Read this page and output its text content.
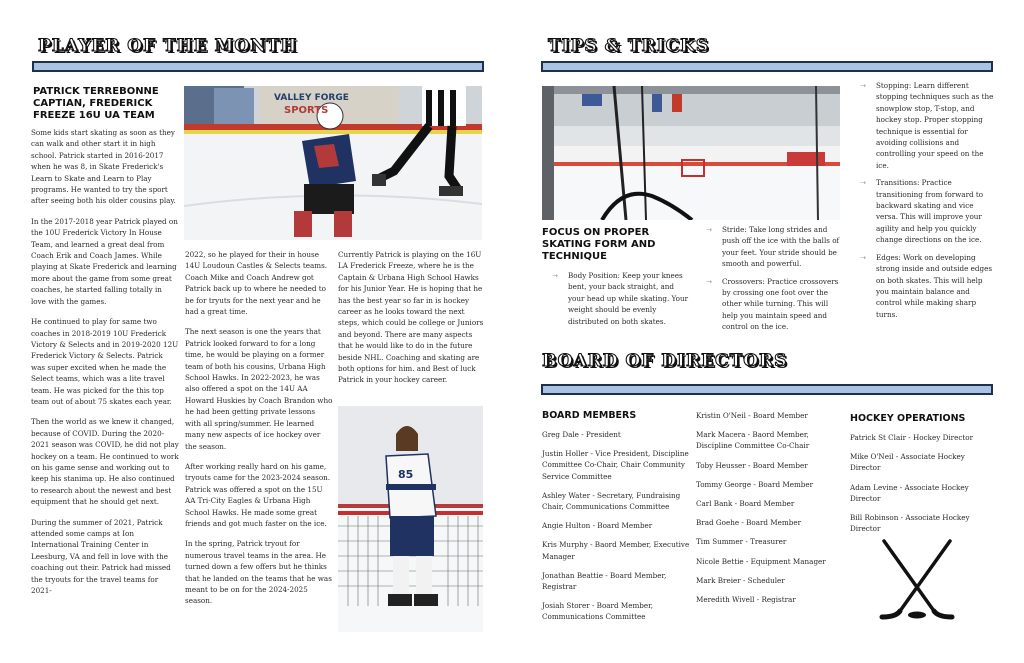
PLAYER OF THE MONTH
PATRICK TERREBONNE
CAPTIAN, FREDERICK
FREEZE 16U UA TEAM

Some kids start skating as soon as they can walk and other start it in high school. Patrick started in 2016-2017 when he was 8, in Skate Frederick's Learn to Skate and Learn to Play programs. He wanted to try the sport after seeing both his older cousins play.

In the 2017-2018 year Patrick played on the 10U Frederick Victory In House Team, and learned a great deal from Coach Erik and Coach James. While playing at Skate Frederick and learning more about the game from some great coaches, he started falling totally in love with the games.

He continued to play for same two coaches in 2018-2019 10U Frederick Victory & Selects and in 2019-2020 12U Frederick Victory & Selects. Patrick was super excited when he made the Select teams, which was a lite travel team. He was picked for the this top team out of about 75 skates each year.

Then the world as we knew it changed, because of COVID. During the 2020-2021 season was COVID, he did not play hockey on a team. He continued to work on his game sense and working out to keep his stanima up. He also continued to research about the newest and best equipment that he should get next.

During the summer of 2021, Patrick attended some camps at Ion International Training Center in Leesburg, VA and fell in love with the coaching out their. Patrick had missed the tryouts for the travel teams for 2021-

VALLEY FORGE
SPORTS

2022, so he played for their in house 14U Loudoun Castles & Selects teams. Coach Mike and Coach Andrew got Patrick back up to where he needed to be for tryuts for the next year and he had a great time.

The next season is one the years that Patrick looked forward to for a long time, he would be playing on a former team of both his cousins, Urbana High School Hawks. In 2022-2023, he was also offered a spot on the 14U AA Howard Huskies by Coach Brandon who he had been getting private lessons with all spring/summer. He learned many new aspects of ice hockey over the season.

After working really hard on his game, tryouts came for the 2023-2024 season. Patrick was offered a spot on the 15U AA Tri-City Eagles & Urbana High School Hawks. He made some great friends and got much faster on the ice.

In the spring, Patrick tryout for numerous travel teams in the area. He turned down a few offers but he thinks that he landed on the teams that he was meant to be on for the 2024-2025 season.

Currently Patrick is playing on the 16U LA Frederick Freeze, where he is the Captain & Urbana High School Hawks for his Junior Year. He is hoping that he has the best year so far in is hockey career as he looks toward the next steps, which could be college or Juniors and beyond. There are many aspects that he would like to do in the future beside NHL. Coaching and skating are both options for him. and Best of luck Patrick in your hockey career.

85
TIPS & TRICKS
FOCUS ON PROPER
SKATING FORM AND
TECHNIQUE
→ Body Position: Keep your knees bent, your back straight, and your head up while skating. Your weight should be evenly distributed on both skates.
→ Stride: Take long strides and push off the ice with the balls of your feet. Your stride should be smooth and powerful.
→ Crossovers: Practice crossovers by crossing one foot over the other while turning. This will help you maintain speed and control on the ice.
→ Stopping: Learn different stopping techniques such as the snowplow stop, T-stop, and hockey stop. Proper stopping technique is essential for avoiding collisions and controlling your speed on the ice.
→ Transitions: Practice transitioning from forward to backward skating and vice versa. This will improve your agility and help you quickly change directions on the ice.
→ Edges: Work on developing strong inside and outside edges on both skates. This will help you maintain balance and control while making sharp turns.
BOARD OF DIRECTORS
BOARD MEMBERS
Greg Dale - President
Justin Holler - Vice President, Discipline Committee Co-Chair, Chair Community Service Committee
Ashley Water - Secretary, Fundraising Chair, Communications Committee
Angie Hulton - Board Member
Kris Murphy - Baord Member, Executive Manager
Jonathan Beattie - Board Member, Registrar
Josiah Storer - Board Member, Communications Committee
Kristin O'Neil - Board Member
Mark Macera - Baord Member, Discipline Committee Co-Chair
Toby Heusser - Board Member
Tommy George - Board Member
Carl Bank - Board Member
Brad Goehe - Board Member
Tim Summer - Treasurer
Nicole Bettie - Equipment Manager
Mark Breier - Scheduler
Meredith Wivell - Registrar
HOCKEY OPERATIONS
Patrick St Clair - Hockey Director
Mike O'Neil - Associate Hockey Director
Adam Levine - Associate Hockey Director
Bill Robinson - Associate Hockey Director
